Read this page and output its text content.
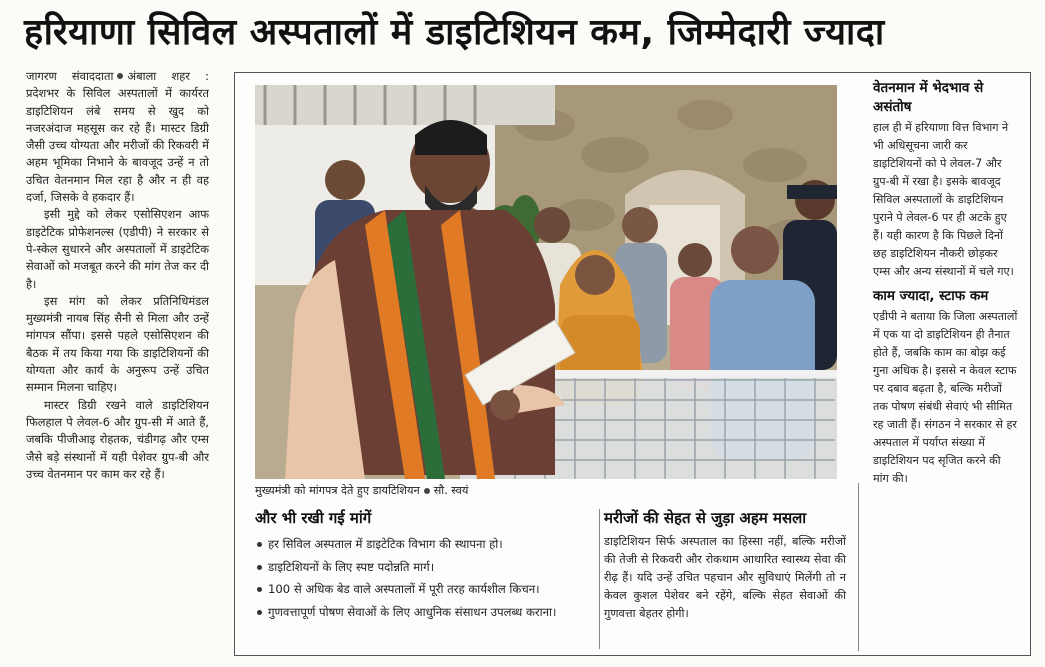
हरियाणा सिविल अस्पतालों में डाइटिशियन कम, जिम्मेदारी ज्यादा

जागरण संवाददाता अंबाला शहर : प्रदेशभर के सिविल अस्पतालों में कार्यरत डाइटिशियन लंबे समय से खुद को नजरअंदाज महसूस कर रहे हैं। मास्टर डिग्री जैसी उच्च योग्यता और मरीजों की रिकवरी में अहम भूमिका निभाने के बावजूद उन्हें न तो उचित वेतनमान मिल रहा है और न ही वह दर्जा, जिसके वे हकदार हैं।

इसी मुद्दे को लेकर एसोसिएशन आफ डाइटेटिक प्रोफेशनल्स (एडीपी) ने सरकार से पे-स्केल सुधारने और अस्पतालों में डाइटेटिक सेवाओं को मजबूत करने की मांग तेज कर दी है।

इस मांग को लेकर प्रतिनिधिमंडल मुख्यमंत्री नायब सिंह सैनी से मिला और उन्हें मांगपत्र सौंपा। इससे पहले एसोसिएशन की बैठक में तय किया गया कि डाइटिशियनों की योग्यता और कार्य के अनुरूप उन्हें उचित सम्मान मिलना चाहिए।

मास्टर डिग्री रखने वाले डाइटिशियन फिलहाल पे लेवल-6 और ग्रुप-सी में आते हैं, जबकि पीजीआइ रोहतक, चंडीगढ़ और एम्स जैसे बड़े संस्थानों में यही पेशेवर ग्रुप-बी और उच्च वेतनमान पर काम कर रहे हैं।

मुख्यमंत्री को मांगपत्र देते हुए डायटिशियन सौ. स्वयं
और भी रखी गई मांगें
हर सिविल अस्पताल में डाइटेटिक विभाग की स्थापना हो।
डाइटिशियनों के लिए स्पष्ट पदोन्नति मार्ग।
100 से अधिक बेड वाले अस्पतालों में पूरी तरह कार्यशील किचन।
गुणवत्तापूर्ण पोषण सेवाओं के लिए आधुनिक संसाधन उपलब्ध कराना।
मरीजों की सेहत से जुड़ा अहम मसला
डाइटिशियन सिर्फ अस्पताल का हिस्सा नहीं, बल्कि मरीजों की तेजी से रिकवरी और रोकथाम आधारित स्वास्थ्य सेवा की रीढ़ हैं। यदि उन्हें उचित पहचान और सुविधाएं मिलेंगी तो न केवल कुशल पेशेवर बने रहेंगे, बल्कि सेहत सेवाओं की गुणवत्ता बेहतर होगी।

वेतनमान में भेदभाव से असंतोष

हाल ही में हरियाणा वित्त विभाग ने भी अधिसूचना जारी कर डाइटिशियनों को पे लेवल-7 और ग्रुप-बी में रखा है। इसके बावजूद सिविल अस्पतालों के डाइटिशियन पुराने पे लेवल-6 पर ही अटके हुए हैं। यही कारण है कि पिछले दिनों छह डाइटिशियन नौकरी छोड़कर एम्स और अन्य संस्थानों में चले गए।

काम ज्यादा, स्टाफ कम

एडीपी ने बताया कि जिला अस्पतालों में एक या दो डाइटिशियन ही तैनात होते हैं, जबकि काम का बोझ कई गुना अधिक है। इससे न केवल स्टाफ पर दबाव बढ़ता है, बल्कि मरीजों तक पोषण संबंधी सेवाएं भी सीमित रह जाती हैं। संगठन ने सरकार से हर अस्पताल में पर्याप्त संख्या में डाइटिशियन पद सृजित करने की मांग की।
